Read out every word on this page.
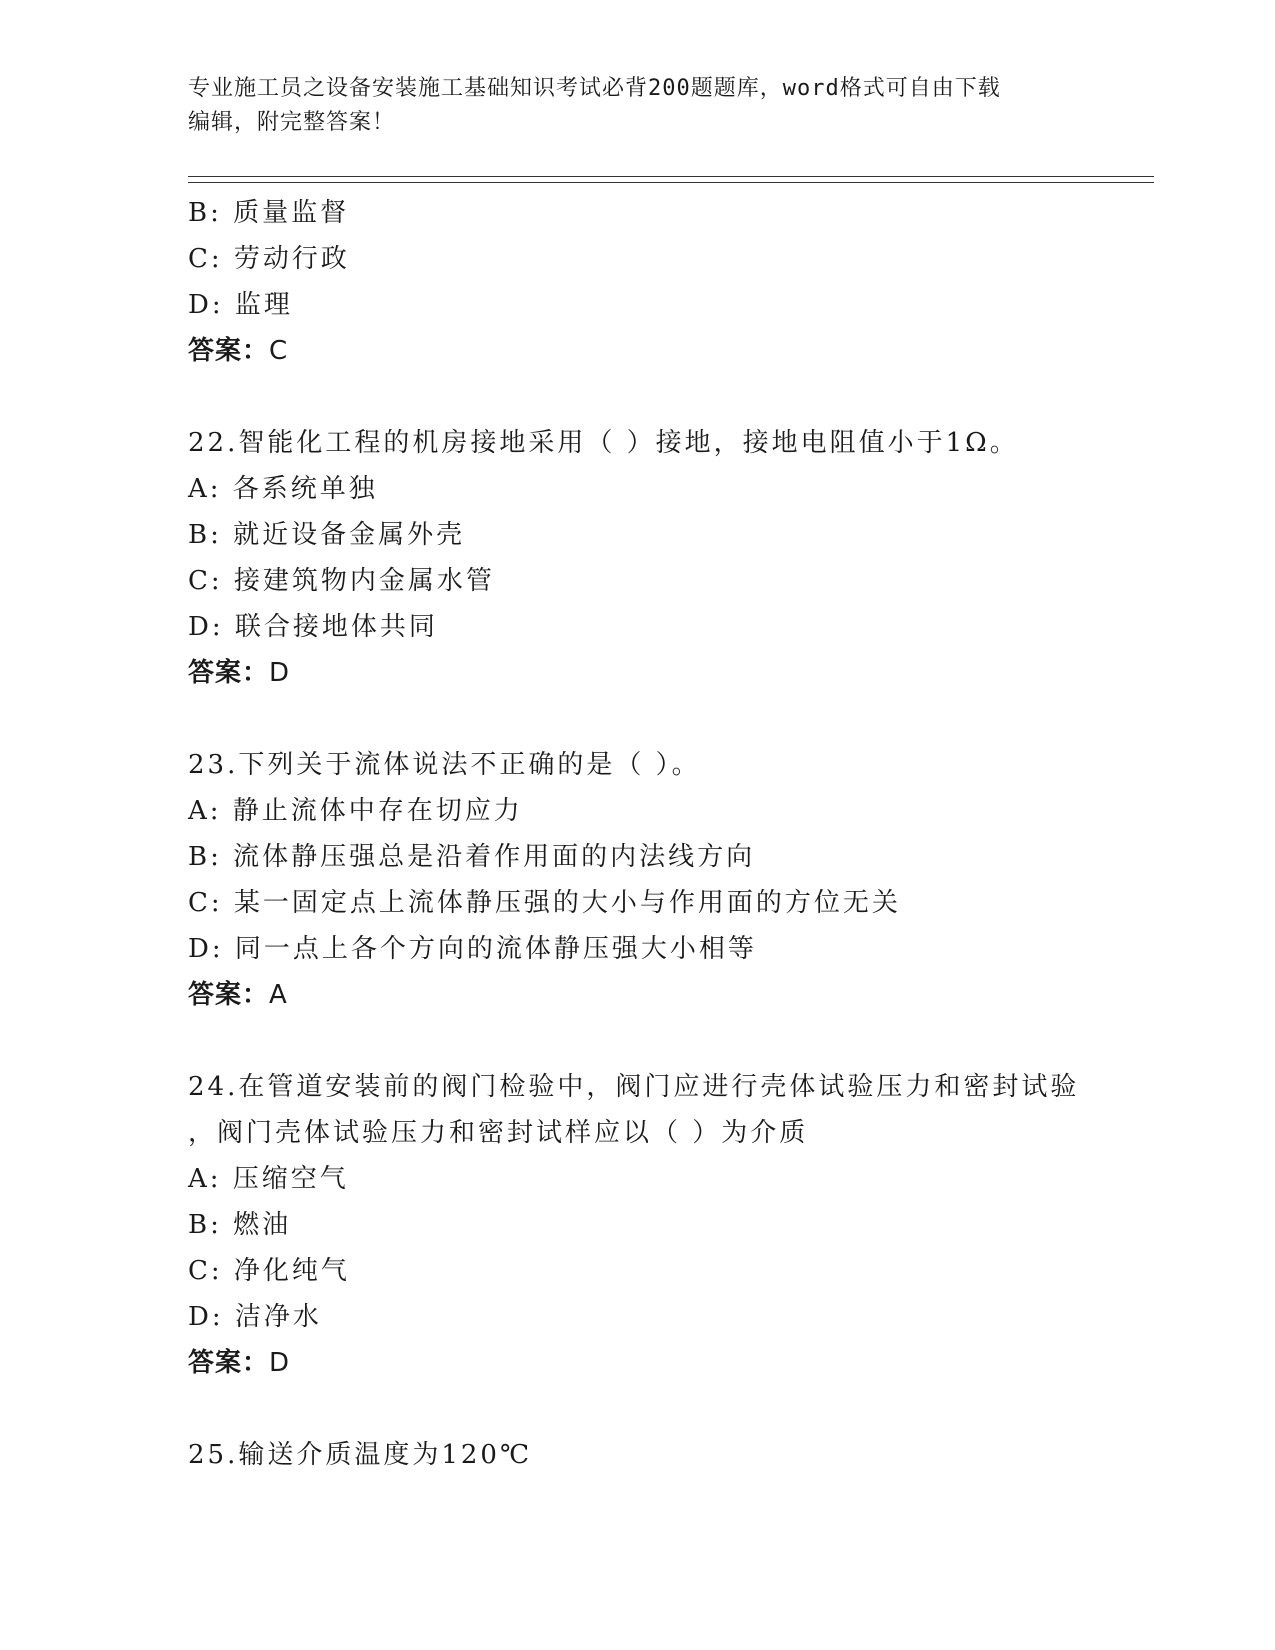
专业施工员之设备安装施工基础知识考试必背200题题库，word格式可自由下载
编辑，附完整答案！
B: 质量监督
C: 劳动行政
D: 监理
答案：C
22.智能化工程的机房接地采用（ ）接地，接地电阻值小于1Ω。
A: 各系统单独
B: 就近设备金属外壳
C: 接建筑物内金属水管
D: 联合接地体共同
答案：D
23.下列关于流体说法不正确的是（ ）。
A: 静止流体中存在切应力
B: 流体静压强总是沿着作用面的内法线方向
C: 某一固定点上流体静压强的大小与作用面的方位无关
D: 同一点上各个方向的流体静压强大小相等
答案：A
24.在管道安装前的阀门检验中，阀门应进行壳体试验压力和密封试验
，阀门壳体试验压力和密封试样应以（ ）为介质
A: 压缩空气
B: 燃油
C: 净化纯气
D: 洁净水
答案：D
25.输送介质温度为120℃
